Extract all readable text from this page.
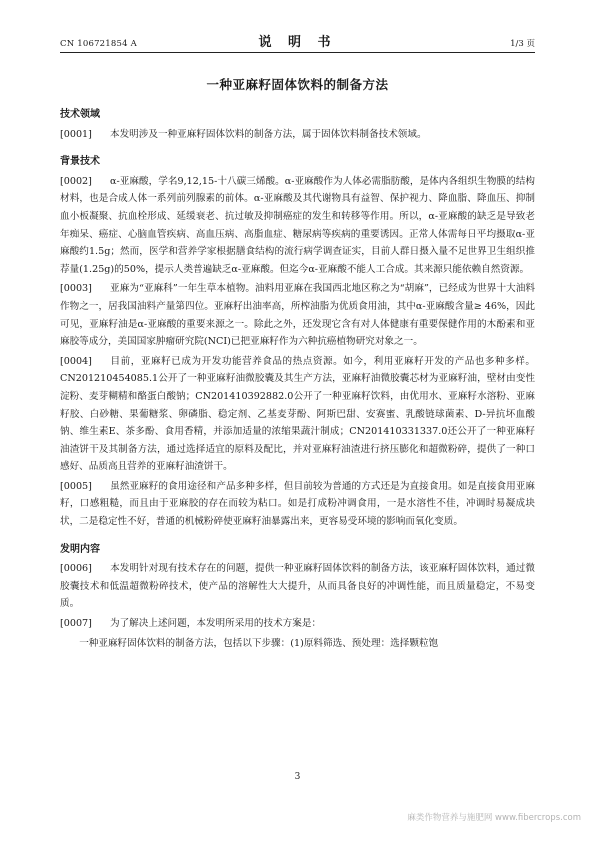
CN 106721854 A	说 明 书	1/3 页
一种亚麻籽固体饮料的制备方法
技术领域

[0001] 本发明涉及一种亚麻籽固体饮料的制备方法，属于固体饮料制备技术领域。

背景技术

[0002] α-亚麻酸，学名9,12,15-十八碳三烯酸。α-亚麻酸作为人体必需脂肪酸，是体内各组织生物膜的结构材料，也是合成人体一系列前列腺素的前体。α-亚麻酸及其代谢物具有益智、保护视力、降血脂、降血压、抑制血小板凝聚、抗血栓形成、延缓衰老、抗过敏及抑制癌症的发生和转移等作用。所以，α-亚麻酸的缺乏是导致老年痴呆、癌症、心脑血管疾病、高血压病、高脂血症、糖尿病等疾病的重要诱因。正常人体需每日平均摄取α-亚麻酸约1.5g；然而，医学和营养学家根据膳食结构的流行病学调查证实，目前人群日摄入量不足世界卫生组织推荐量(1.25g)的50%，提示人类普遍缺乏α-亚麻酸。但迄今α-亚麻酸不能人工合成。其来源只能依赖自然资源。

[0003] 亚麻为“亚麻科”一年生草本植物。油料用亚麻在我国西北地区称之为“胡麻”，已经成为世界十大油料作物之一，居我国油料产量第四位。亚麻籽出油率高，所榨油脂为优质食用油，其中α-亚麻酸含量≥ 46%，因此可见，亚麻籽油是α-亚麻酸的重要来源之一。除此之外，还发现它含有对人体健康有重要保健作用的木酚素和亚麻胶等成分，美国国家肿瘤研究院(NCI)已把亚麻籽作为六种抗癌植物研究对象之一。

[0004] 目前，亚麻籽已成为开发功能营养食品的热点资源。如今，利用亚麻籽开发的产品也多种多样。CN201210454085.1公开了一种亚麻籽油微胶囊及其生产方法，亚麻籽油微胶囊芯材为亚麻籽油，壁材由变性淀粉、麦芽糊精和酪蛋白酸钠；CN201410392882.0公开了一种亚麻籽饮料，由优用水、亚麻籽水溶粉、亚麻籽胶、白砂糖、果葡糖浆、卵磷脂、稳定剂、乙基麦芽酚、阿斯巴甜、安赛蜜、乳酸链球菌素、D-异抗坏血酸钠、维生素E、茶多酚、食用香精，并添加适量的浓缩果蔬汁制成；CN201410331337.0还公开了一种亚麻籽油渣饼干及其制备方法，通过选择适宜的原料及配比，并对亚麻籽油渣进行挤压膨化和超微粉碎，提供了一种口感好、品质高且营养的亚麻籽油渣饼干。

[0005] 虽然亚麻籽的食用途径和产品多种多样，但目前较为普通的方式还是为直接食用。如是直接食用亚麻籽，口感粗糙，而且由于亚麻胶的存在而较为粘口。如是打成粉冲调食用，一是水溶性不佳，冲调时易凝成块状，二是稳定性不好，普通的机械粉碎使亚麻籽油暴露出来，更容易受环境的影响而氧化变质。

发明内容

[0006] 本发明针对现有技术存在的问题，提供一种亚麻籽固体饮料的制备方法，该亚麻籽固体饮料，通过微胶囊技术和低温超微粉碎技术，使产品的溶解性大大提升，从而具备良好的冲调性能，而且质量稳定，不易变质。

[0007] 为了解决上述问题，本发明所采用的技术方案是：

一种亚麻籽固体饮料的制备方法，包括以下步骤：(1)原料筛选、预处理：选择颗粒饱

3
麻类作物营养与施肥网 www.fibercrops.com
